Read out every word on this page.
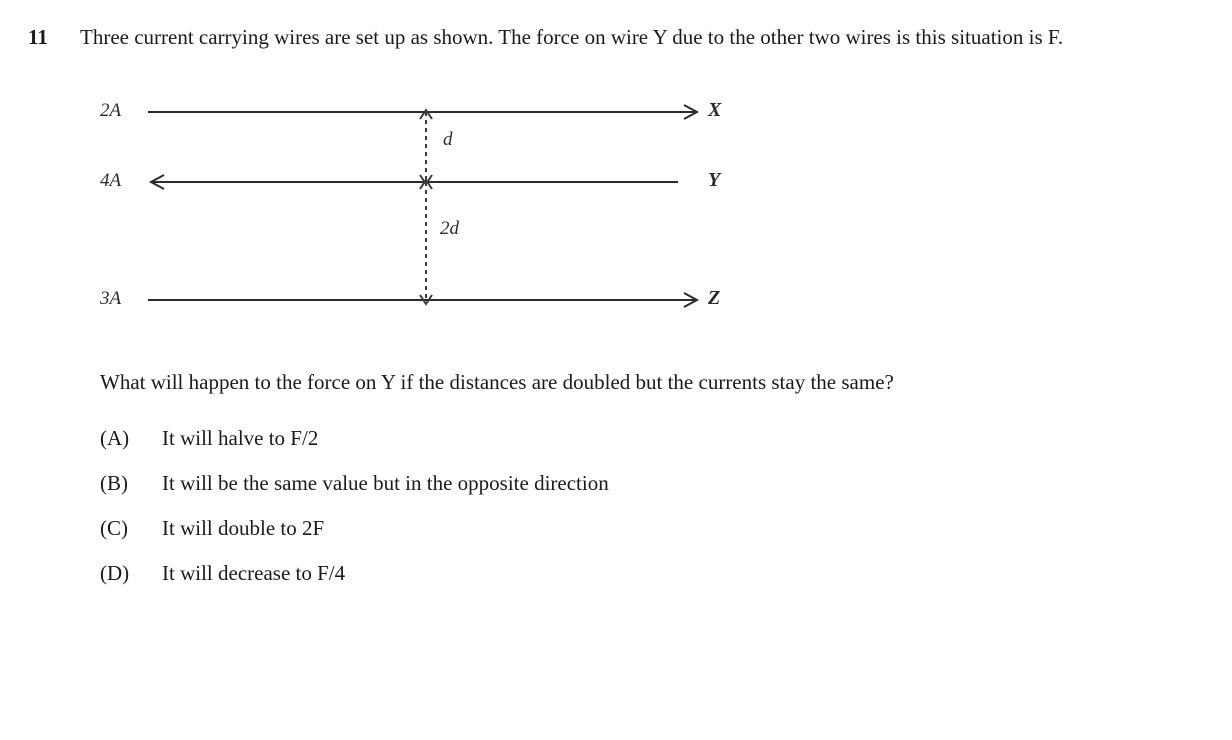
11	Three current carrying wires are set up as shown. The force on wire Y due to the other two wires is this situation is F.
2A	X
4A	Y
3A	Z
d
2d
What will happen to the force on Y if the distances are doubled but the currents stay the same?
(A)	It will halve to F/2
(B)	It will be the same value but in the opposite direction
(C)	It will double to 2F
(D)	It will decrease to F/4
